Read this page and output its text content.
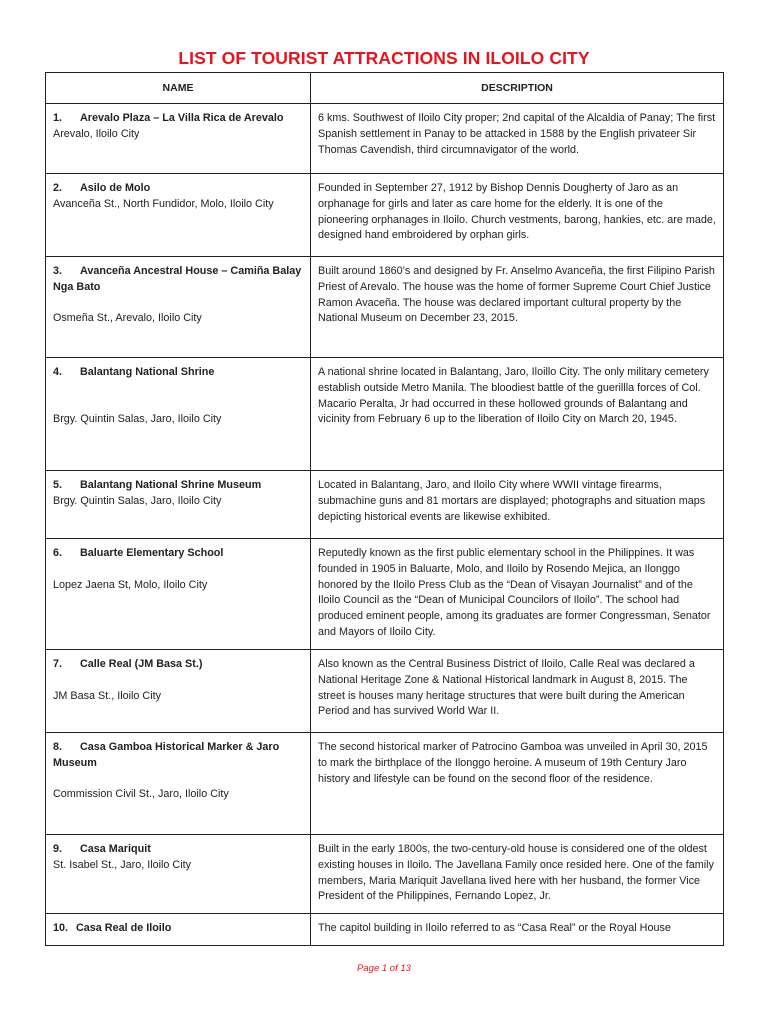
LIST OF TOURIST ATTRACTIONS IN ILOILO CITY
NAME	DESCRIPTION
1. Arevalo Plaza – La Villa Rica de Arevalo
Arevalo, Iloilo City	6 kms. Southwest of Iloilo City proper; 2nd capital of the Alcaldia of Panay; The first Spanish settlement in Panay to be attacked in 1588 by the English privateer Sir Thomas Cavendish, third circumnavigator of the world.
2. Asilo de Molo
Avanceña St., North Fundidor, Molo, Iloilo City	Founded in September 27, 1912 by Bishop Dennis Dougherty of Jaro as an orphanage for girls and later as care home for the elderly. It is one of the pioneering orphanages in Iloilo. Church vestments, barong, hankies, etc. are made, designed hand embroidered by orphan girls.
3. Avanceña Ancestral House – Camiña Balay Nga Bato
Osmeña St., Arevalo, Iloilo City	Built around 1860’s and designed by Fr. Anselmo Avanceña, the first Filipino Parish Priest of Arevalo. The house was the home of former Supreme Court Chief Justice Ramon Avaceña. The house was declared important cultural property by the National Museum on December 23, 2015.
4. Balantang National Shrine
Brgy. Quintin Salas, Jaro, Iloilo City	A national shrine located in Balantang, Jaro, Iloillo City. The only military cemetery establish outside Metro Manila. The bloodiest battle of the guerillla forces of Col. Macario Peralta, Jr had occurred in these hollowed grounds of Balantang and vicinity from February 6 up to the liberation of Iloilo City on March 20, 1945.
5. Balantang National Shrine Museum
Brgy. Quintin Salas, Jaro, Iloilo City	Located in Balantang, Jaro, and Iloilo City where WWII vintage firearms, submachine guns and 81 mortars are displayed; photographs and situation maps depicting historical events are likewise exhibited.
6. Baluarte Elementary School
Lopez Jaena St, Molo, Iloilo City	Reputedly known as the first public elementary school in the Philippines. It was founded in 1905 in Baluarte, Molo, and Iloilo by Rosendo Mejica, an Ilonggo honored by the Iloilo Press Club as the “Dean of Visayan Journalist” and of the Iloilo Council as the “Dean of Municipal Councilors of Iloilo”. The school had produced eminent people, among its graduates are former Congressman, Senator and Mayors of Iloilo City.
7. Calle Real (JM Basa St.)
JM Basa St., Iloilo City	Also known as the Central Business District of Iloilo, Calle Real was declared a National Heritage Zone & National Historical landmark in August 8, 2015. The street is houses many heritage structures that were built during the American Period and has survived World War II.
8. Casa Gamboa Historical Marker & Jaro Museum
Commission Civil St., Jaro, Iloilo City	The second historical marker of Patrocino Gamboa was unveiled in April 30, 2015 to mark the birthplace of the Ilonggo heroine. A museum of 19th Century Jaro history and lifestyle can be found on the second floor of the residence.
9. Casa Mariquit
St. Isabel St., Jaro, Iloilo City	Built in the early 1800s, the two-century-old house is considered one of the oldest existing houses in Iloilo. The Javellana Family once resided here. One of the family members, Maria Mariquit Javellana lived here with her husband, the former Vice President of the Philippines, Fernando Lopez, Jr.
10. Casa Real de Iloilo	The capitol building in Iloilo referred to as “Casa Real” or the Royal House
Page 1 of 13
